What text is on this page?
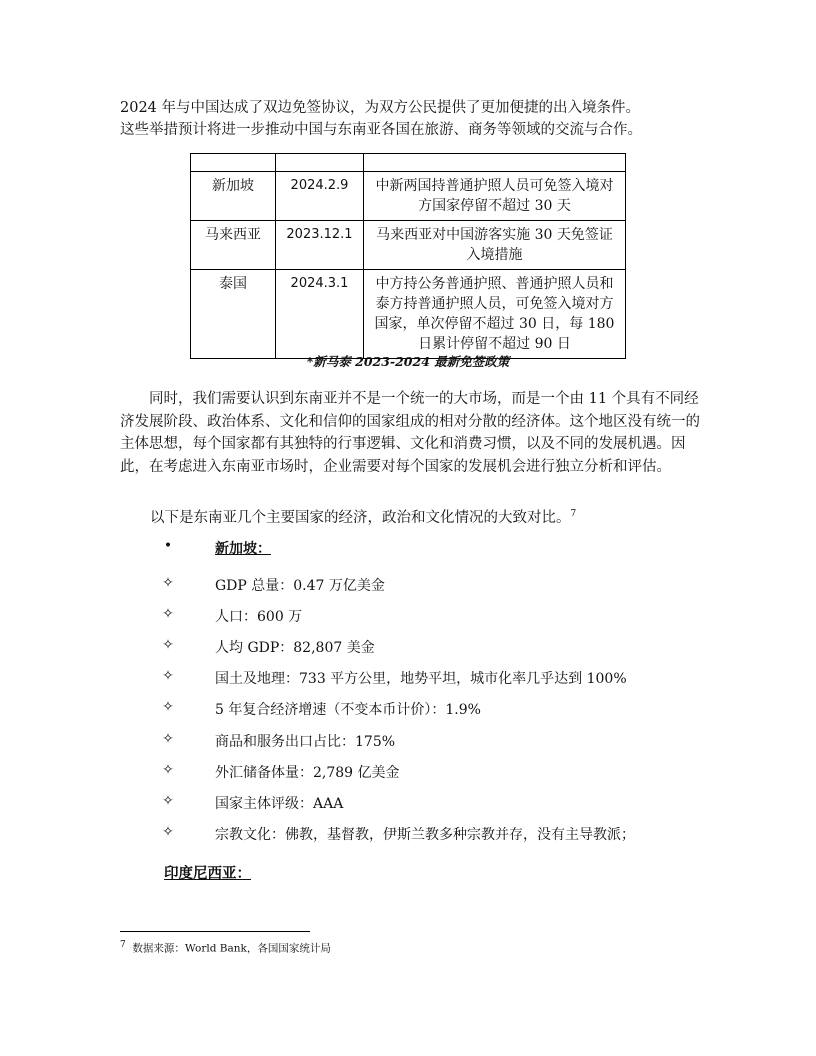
2024 年与中国达成了双边免签协议，为双方公民提供了更加便捷的出入境条件。
这些举措预计将进一步推动中国与东南亚各国在旅游、商务等领域的交流与合作。

新加坡	2024.2.9	中新两国持普通护照人员可免签入境对方国家停留不超过 30 天
马来西亚	2023.12.1	马来西亚对中国游客实施 30 天免签证入境措施
泰国	2024.3.1	中方持公务普通护照、普通护照人员和泰方持普通护照人员，可免签入境对方国家，单次停留不超过 30 日，每 180 日累计停留不超过 90 日
*新马泰 2023-2024 最新免签政策
同时，我们需要认识到东南亚并不是一个统一的大市场，而是一个由 11 个具有不同经济发展阶段、政治体系、文化和信仰的国家组成的相对分散的经济体。这个地区没有统一的主体思想，每个国家都有其独特的行事逻辑、文化和消费习惯，以及不同的发展机遇。因此，在考虑进入东南亚市场时，企业需要对每个国家的发展机会进行独立分析和评估。
以下是东南亚几个主要国家的经济，政治和文化情况的大致对比。$^7$
•	新加坡：
✧	GDP 总量：0.47 万亿美金
✧	人口：600 万
✧	人均 GDP：82,807 美金
✧	国土及地理：733 平方公里，地势平坦，城市化率几乎达到 100%
✧	5 年复合经济增速（不变本币计价）：1.9%
✧	商品和服务出口占比：175%
✧	外汇储备体量：2,789 亿美金
✧	国家主体评级：AAA
✧	宗教文化：佛教，基督教，伊斯兰教多种宗教并存，没有主导教派；
印度尼西亚：
$^7$ 数据来源：World Bank，各国国家统计局
